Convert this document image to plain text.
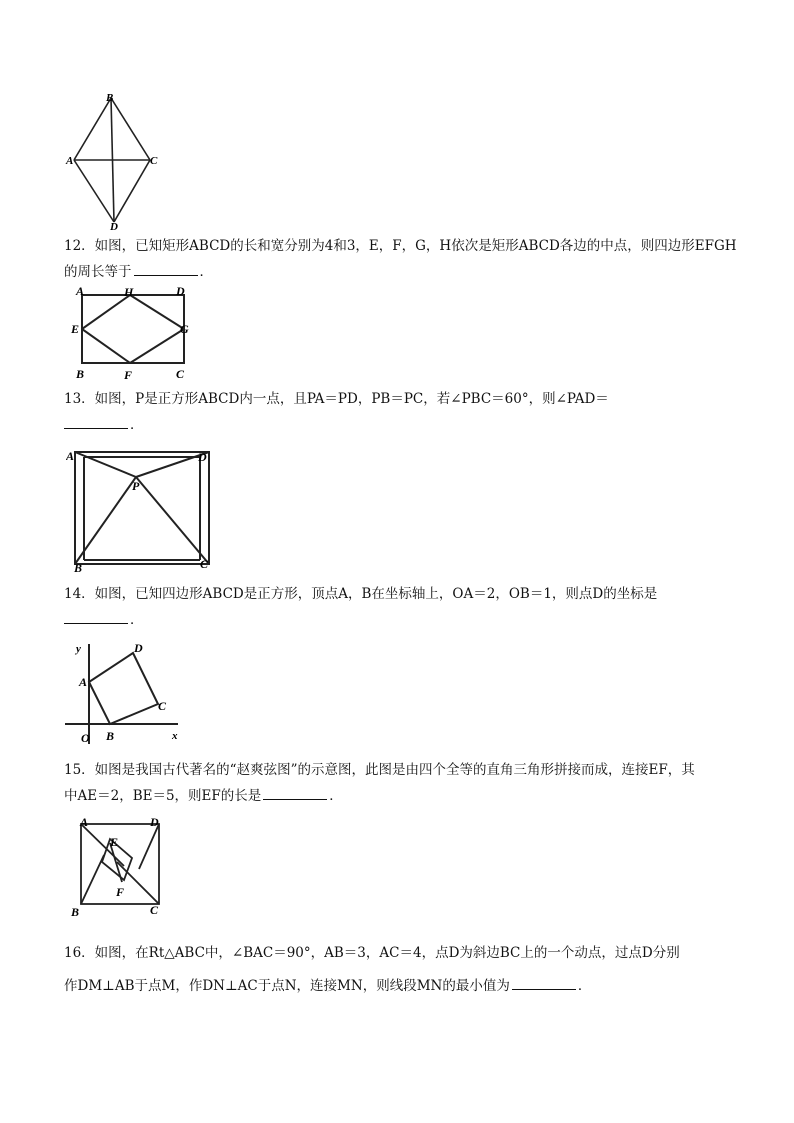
B
A	C
D
12．如图，已知矩形ABCD的长和宽分别为4和3，E，F，G，H依次是矩形ABCD各边的中点，则四边形EFGH
的周长等于	．
A	H	D
E	G
B	F	C
13．如图，P是正方形ABCD内一点，且PA＝PD，PB＝PC，若∠PBC＝60°，则∠PAD＝
．
A	D
P
B	C
14．如图，已知四边形ABCD是正方形，顶点A，B在坐标轴上，OA＝2，OB＝1，则点D的坐标是
．
y
x
O
A
B
C
D
15．如图是我国古代著名的“赵爽弦图”的示意图，此图是由四个全等的直角三角形拼接而成，连接EF，其
中AE＝2，BE＝5，则EF的长是	．
A	D
E
F
B	C
16．如图，在Rt△ABC中，∠BAC＝90°，AB＝3，AC＝4，点D为斜边BC上的一个动点，过点D分别
作DM⊥AB于点M，作DN⊥AC于点N，连接MN，则线段MN的最小值为	．
